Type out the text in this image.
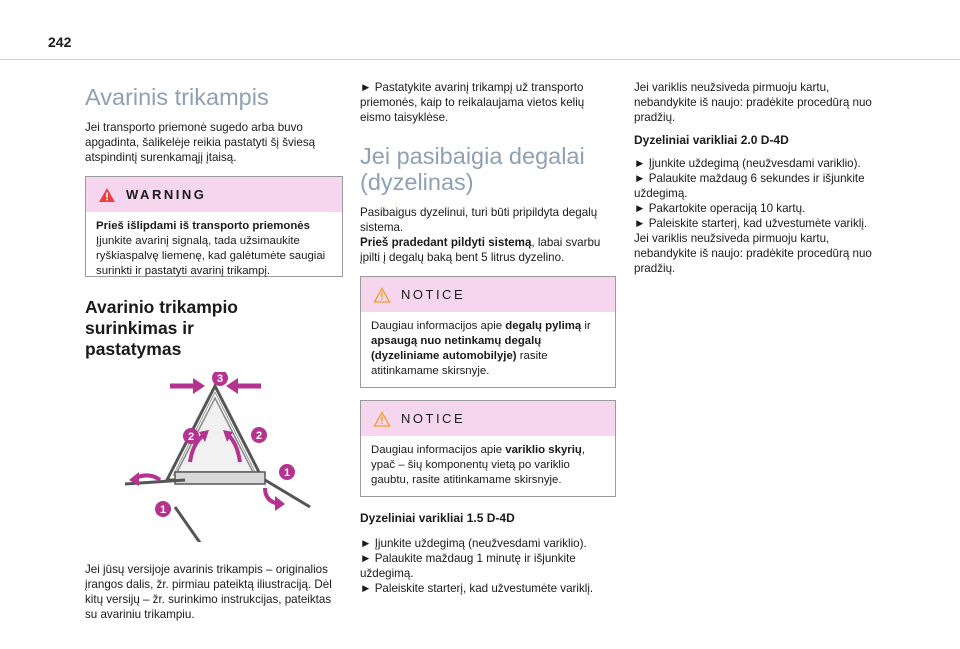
242
Avarinis trikampis

Jei transporto priemonė sugedo arba buvo apgadinta, šalikelėje reikia pastatyti šį šviesą atspindintį surenkamąjį įtaisą.

WARNING
Prieš išlipdami iš transporto priemonės
Įjunkite avarinį signalą, tada užsimaukite ryškiaspalvę liemenę, kad galėtumėte saugiai surinkti ir pastatyti avarinį trikampį.
Avarinio trikampio surinkimas ir pastatymas
3
2	2
1
1

Jei jūsų versijoje avarinis trikampis – originalios įrangos dalis, žr. pirmiau pateiktą iliustraciją. Dėl kitų versijų – žr. surinkimo instrukcijas, pateiktas su avariniu trikampiu.

► Pastatykite avarinį trikampį už transporto priemonės, kaip to reikalaujama vietos kelių eismo taisyklėse.

Jei pasibaigia degalai (dyzelinas)

Pasibaigus dyzelinui, turi būti pripildyta degalų sistema.

Prieš pradedant pildyti sistemą, labai svarbu įpilti į degalų baką bent 5 litrus dyzelino.

NOTICE
Daugiau informacijos apie degalų pylimą ir apsaugą nuo netinkamų degalų (dyzeliniame automobilyje) rasite atitinkamame skirsnyje.
NOTICE
Daugiau informacijos apie variklio skyrių, ypač – šių komponentų vietą po variklio gaubtu, rasite atitinkamame skirsnyje.
Dyzeliniai varikliai 1.5 D-4D

► Įjunkite uždegimą (neužvesdami variklio).

► Palaukite maždaug 1 minutę ir išjunkite uždegimą.

► Paleiskite starterį, kad užvestumėte variklį.

Jei variklis neužsiveda pirmuoju kartu, nebandykite iš naujo: pradėkite procedūrą nuo pradžių.

Dyzeliniai varikliai 2.0 D-4D

► Įjunkite uždegimą (neužvesdami variklio).

► Palaukite maždaug 6 sekundes ir išjunkite uždegimą.

► Pakartokite operaciją 10 kartų.

► Paleiskite starterį, kad užvestumėte variklį.

Jei variklis neužsiveda pirmuoju kartu, nebandykite iš naujo: pradėkite procedūrą nuo pradžių.
